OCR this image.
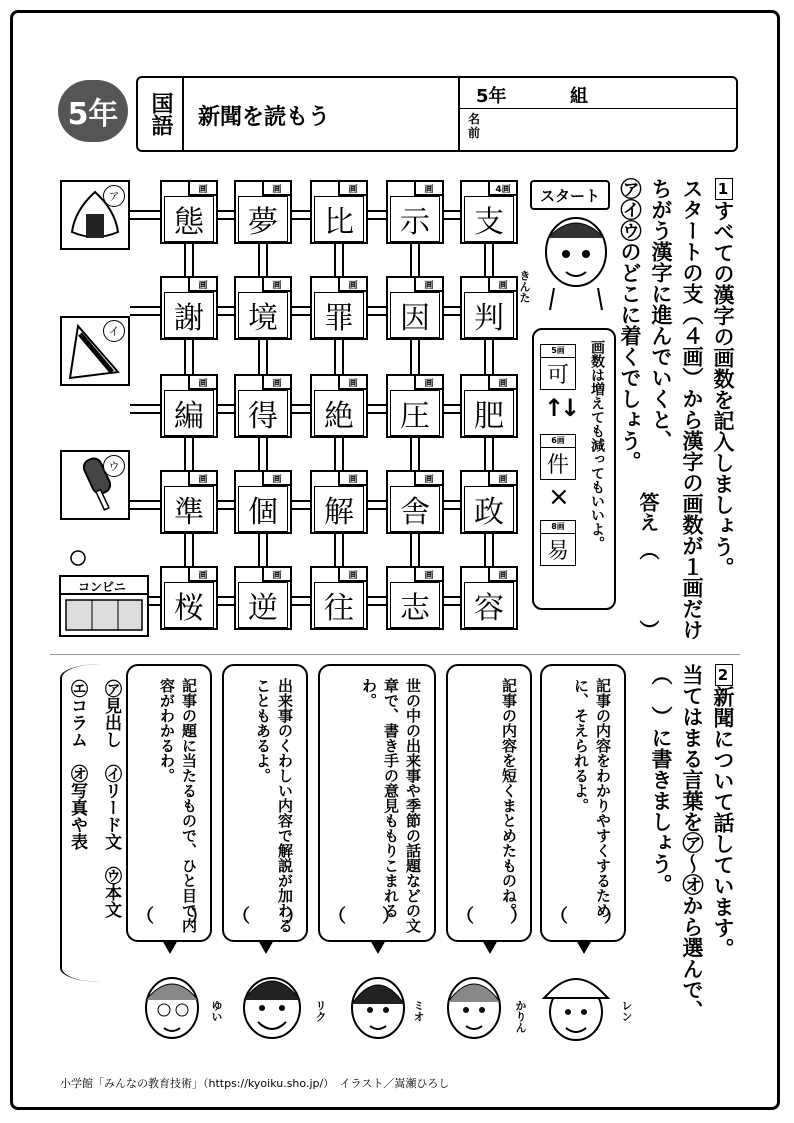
5年	国語 新聞を読もう
5年	組
名前
画
態
画
夢
画
比
画
示
4画
支
画
謝
画
境
画
罪
画
因
画
判
画
編
画
得
画
絶
画
圧
画
肥
画
準
画
個
画
解
画
舎
画
政
画
桜
画
逆
画
往
画
志
画
容
ア
イ
ウ
コンビニ
スタート
きんた
1すべての漢字の画数を記入しましょう。
スタートの支（４画）から漢字の画数が１画だけ
ちがう漢字に進んでいくと、
㋐㋑㋒のどこに着くでしょう。
答え
（
）
画数は増えても減ってもいいよ。
5画
可
↑↓
6画
件
×
8画
易
2新聞について話しています。
当てはまる言葉を㋐〜㋔から選んで、
（　）に書きましょう。
記事の内容をわかりやすくするために、そえられるよ。
（　　）
記事の内容を短くまとめたものね。
（　　）
世の中の出来事や季節の話題などの文章で、書き手の意見ももりこまれるわ。
（　　）
出来事のくわしい内容で解説が加わることもあるよ。
（　　）
記事の題に当たるもので、ひと目で内容がわかるわ。
（　　）
㋐見出し　㋑リード文　㋒本文
㋓コラム　㋔写真や表
ゆい	リク	ミオ	かりん	レン
小学館「みんなの教育技術」（https://kyoiku.sho.jp/）　イラスト／嵩瀬ひろし
